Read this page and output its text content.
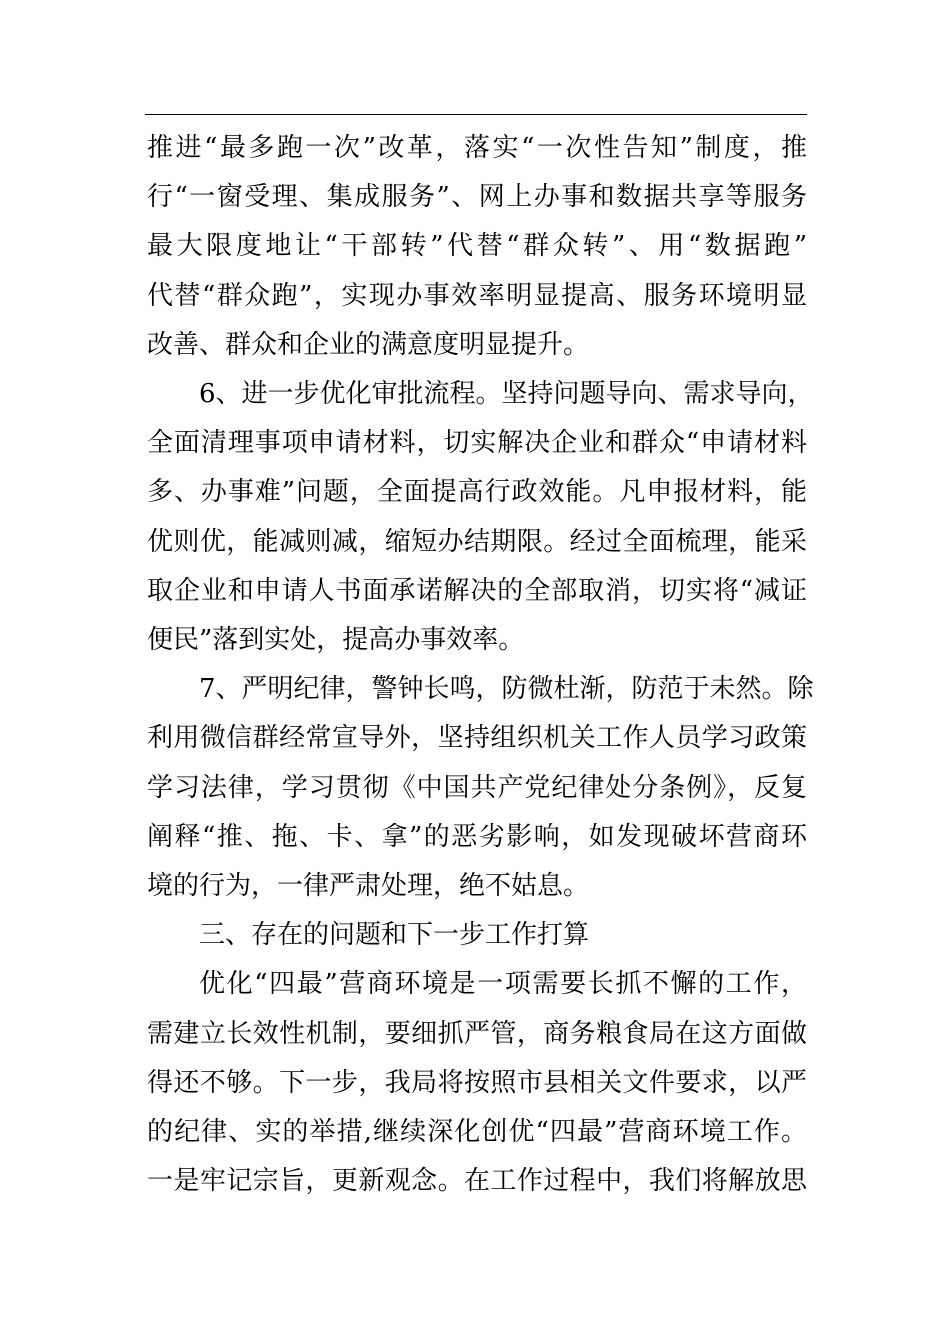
推进“最多跑一次”改革，落实“一次性告知”制度，推
行“一窗受理、集成服务”、网上办事和数据共享等服务
最大限度地让“干部转”代替“群众转”、用“数据跑”
代替“群众跑”，实现办事效率明显提高、服务环境明显
改善、群众和企业的满意度明显提升。
6、进一步优化审批流程。坚持问题导向、需求导向，
全面清理事项申请材料，切实解决企业和群众“申请材料
多、办事难”问题，全面提高行政效能。凡申报材料，能
优则优，能减则减，缩短办结期限。经过全面梳理，能采
取企业和申请人书面承诺解决的全部取消，切实将“减证
便民”落到实处，提高办事效率。
7、严明纪律，警钟长鸣，防微杜渐，防范于未然。除
利用微信群经常宣导外，坚持组织机关工作人员学习政策
学习法律，学习贯彻《中国共产党纪律处分条例》，反复
阐释“推、拖、卡、拿”的恶劣影响，如发现破坏营商环
境的行为，一律严肃处理，绝不姑息。
三、存在的问题和下一步工作打算
优化“四最”营商环境是一项需要长抓不懈的工作，
需建立长效性机制，要细抓严管，商务粮食局在这方面做
得还不够。下一步，我局将按照市县相关文件要求，以严
的纪律、实的举措,继续深化创优“四最”营商环境工作。
一是牢记宗旨，更新观念。在工作过程中，我们将解放思
